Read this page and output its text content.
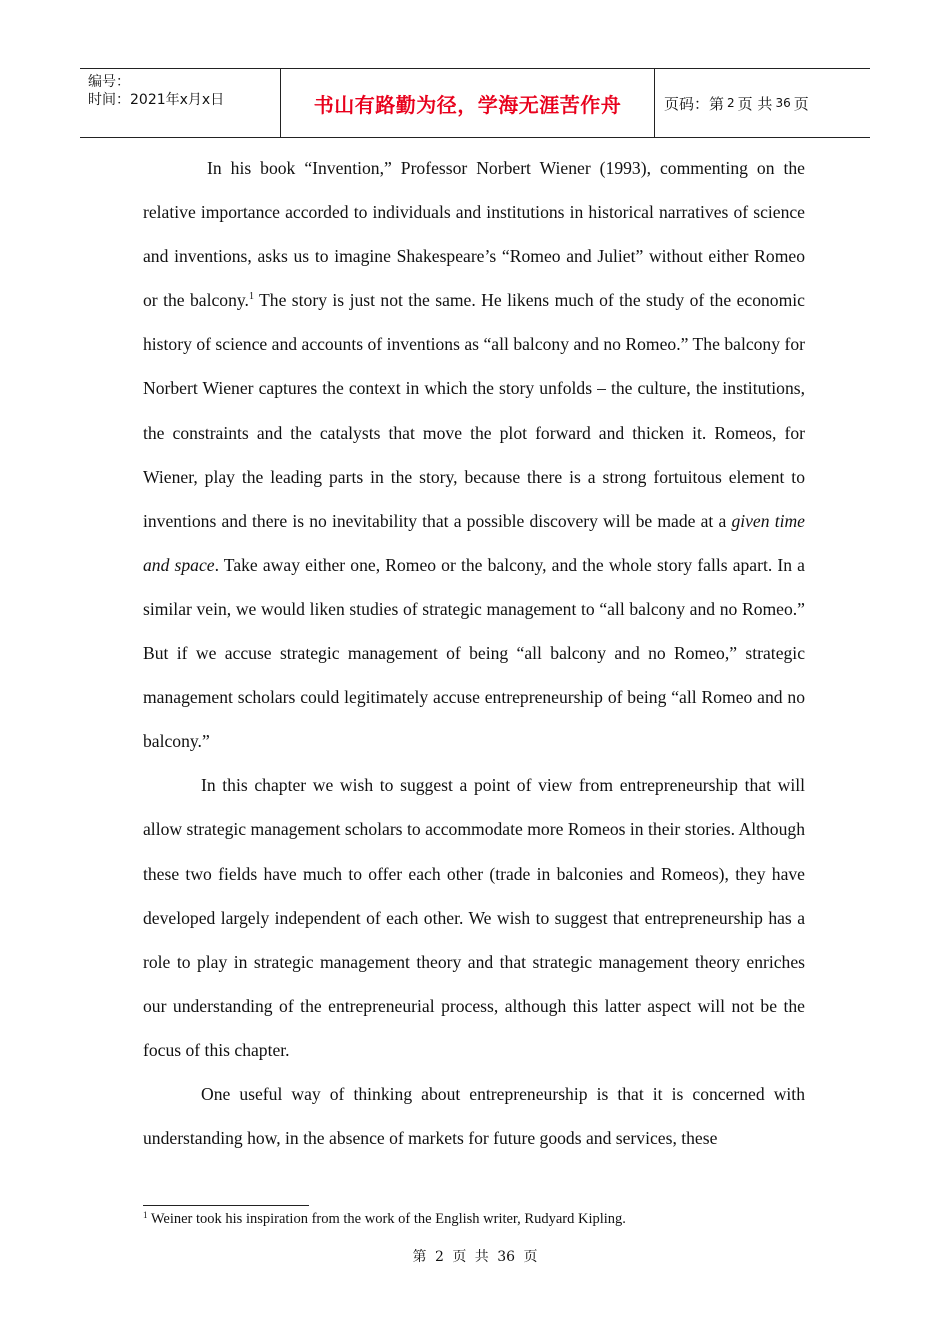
编号：
时间：2021年x月x日	书山有路勤为径，学海无涯苦作舟	页码：第 2 页 共 36 页

In his book “Invention,” Professor Norbert Wiener (1993), commenting on the relative importance accorded to individuals and institutions in historical narratives of science and inventions, asks us to imagine Shakespeare’s “Romeo and Juliet” without either Romeo or the balcony.$^1$ The story is just not the same. He likens much of the study of the economic history of science and accounts of inventions as “all balcony and no Romeo.” The balcony for Norbert Wiener captures the context in which the story unfolds – the culture, the institutions, the constraints and the catalysts that move the plot forward and thicken it. Romeos, for Wiener, play the leading parts in the story, because there is a strong fortuitous element to inventions and there is no inevitability that a possible discovery will be made at a given time and space. Take away either one, Romeo or the balcony, and the whole story falls apart. In a similar vein, we would liken studies of strategic management to “all balcony and no Romeo.” But if we accuse strategic management of being “all balcony and no Romeo,” strategic management scholars could legitimately accuse entrepreneurship of being “all Romeo and no balcony.”

In this chapter we wish to suggest a point of view from entrepreneurship that will allow strategic management scholars to accommodate more Romeos in their stories. Although these two fields have much to offer each other (trade in balconies and Romeos), they have developed largely independent of each other. We wish to suggest that entrepreneurship has a role to play in strategic management theory and that strategic management theory enriches our understanding of the entrepreneurial process, although this latter aspect will not be the focus of this chapter.

One useful way of thinking about entrepreneurship is that it is concerned with understanding how, in the absence of markets for future goods and services, these

$^1$ Weiner took his inspiration from the work of the English writer, Rudyard Kipling.
第 2 页 共 36 页
